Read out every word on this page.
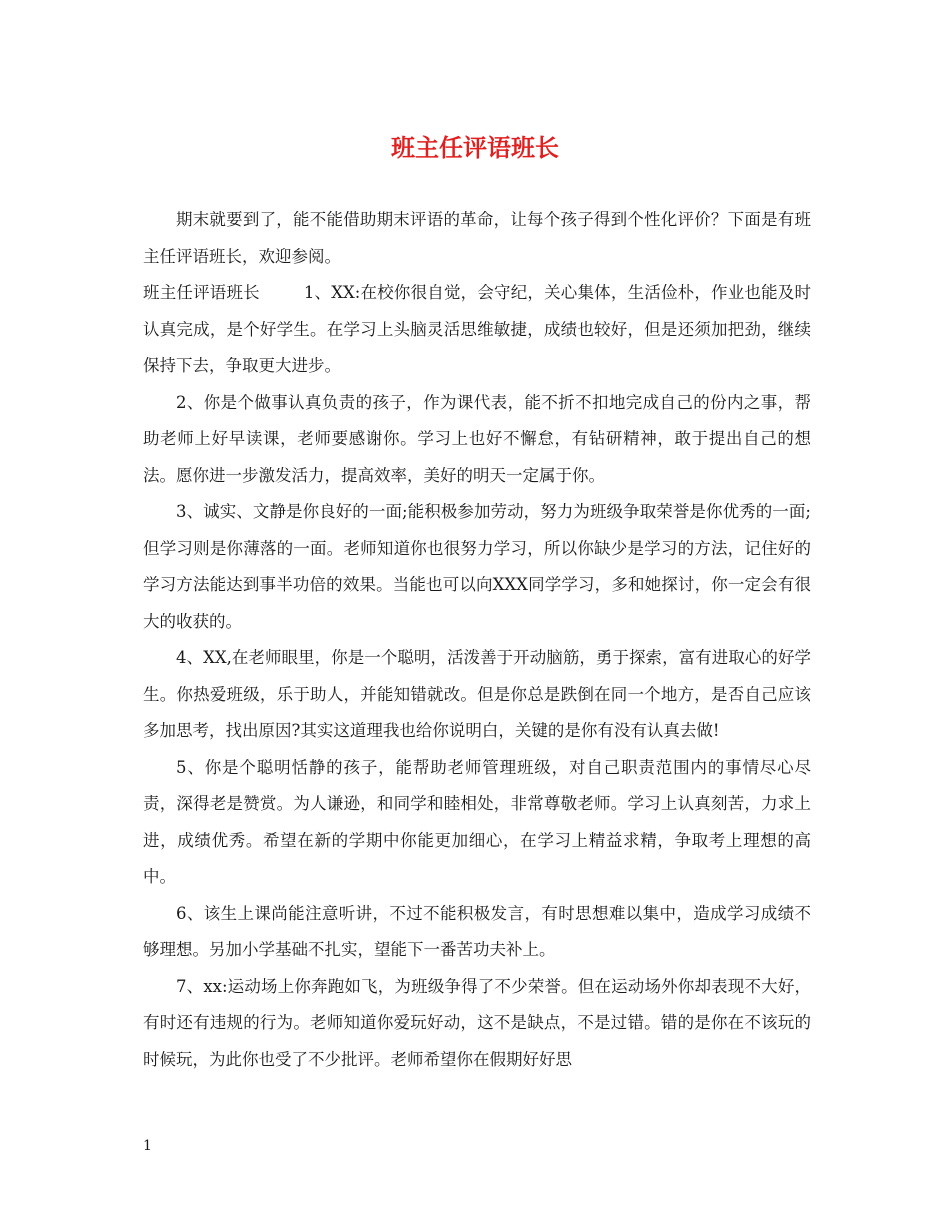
班主任评语班长

期末就要到了，能不能借助期末评语的革命，让每个孩子得到个性化评价？下面是有班主任评语班长，欢迎参阅。

班主任评语班长	1、XX:在校你很自觉，会守纪，关心集体，生活俭朴，作业也能及时认真完成，是个好学生。在学习上头脑灵活思维敏捷，成绩也较好，但是还须加把劲，继续保持下去，争取更大进步。

2、你是个做事认真负责的孩子，作为课代表，能不折不扣地完成自己的份内之事，帮助老师上好早读课，老师要感谢你。学习上也好不懈怠，有钻研精神，敢于提出自己的想法。愿你进一步激发活力，提高效率，美好的明天一定属于你。

3、诚实、文静是你良好的一面;能积极参加劳动，努力为班级争取荣誉是你优秀的一面;但学习则是你薄落的一面。老师知道你也很努力学习，所以你缺少是学习的方法，记住好的学习方法能达到事半功倍的效果。当能也可以向XXX同学学习，多和她探讨，你一定会有很大的收获的。

4、XX,在老师眼里，你是一个聪明，活泼善于开动脑筋，勇于探索，富有进取心的好学生。你热爱班级，乐于助人，并能知错就改。但是你总是跌倒在同一个地方，是否自己应该多加思考，找出原因?其实这道理我也给你说明白，关键的是你有没有认真去做!

5、你是个聪明恬静的孩子，能帮助老师管理班级，对自己职责范围内的事情尽心尽责，深得老是赞赏。为人谦逊，和同学和睦相处，非常尊敬老师。学习上认真刻苦，力求上进，成绩优秀。希望在新的学期中你能更加细心，在学习上精益求精，争取考上理想的高中。

6、该生上课尚能注意听讲，不过不能积极发言，有时思想难以集中，造成学习成绩不够理想。另加小学基础不扎实，望能下一番苦功夫补上。

7、xx:运动场上你奔跑如飞，为班级争得了不少荣誉。但在运动场外你却表现不大好，有时还有违规的行为。老师知道你爱玩好动，这不是缺点，不是过错。错的是你在不该玩的时候玩，为此你也受了不少批评。老师希望你在假期好好思

1
